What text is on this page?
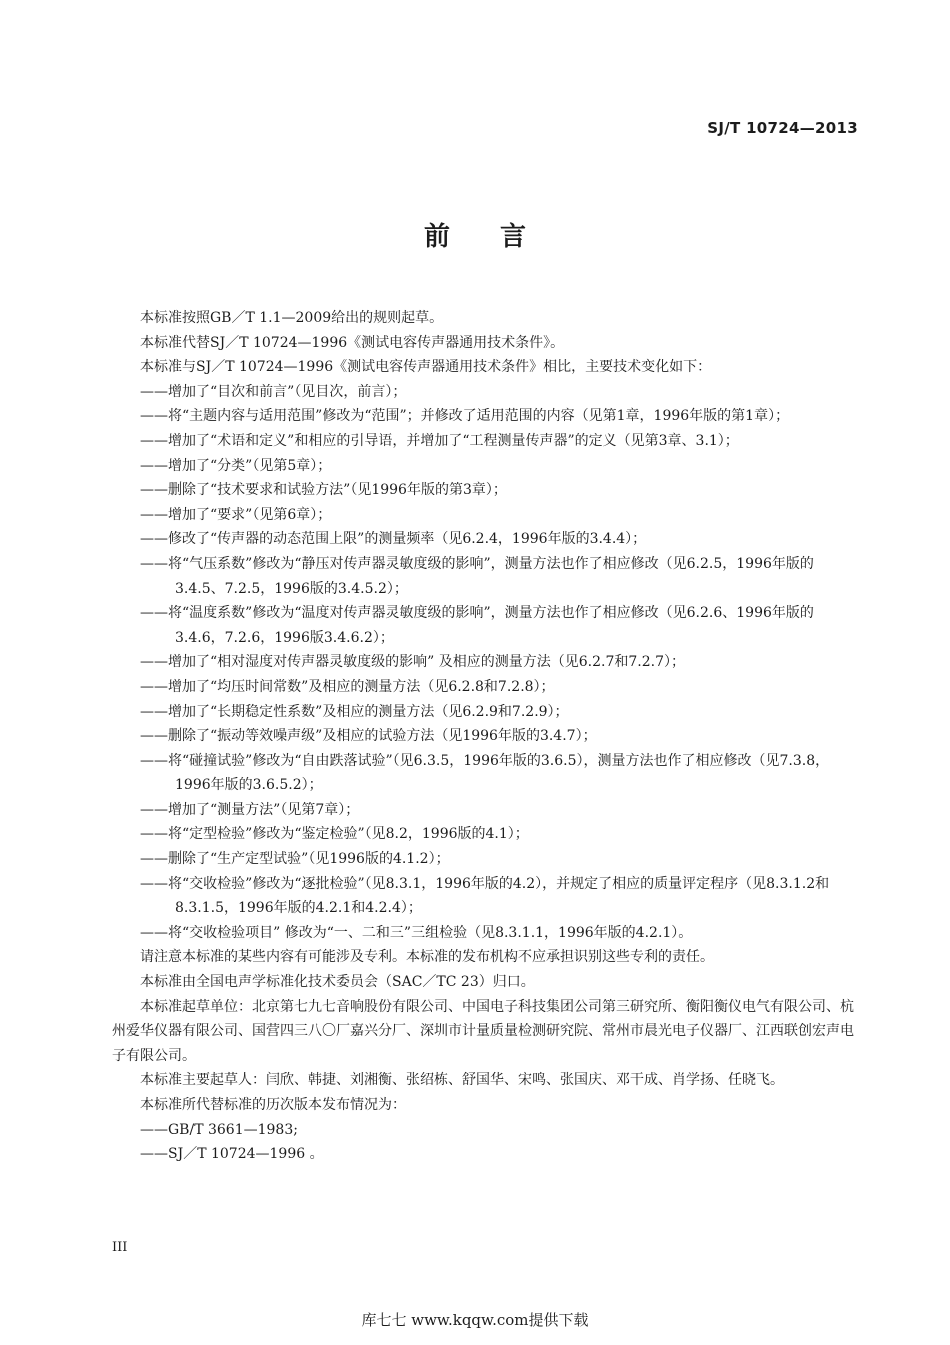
SJ/T 10724—2013
前言
本标准按照GB／T 1.1—2009给出的规则起草。
本标准代替SJ／T 10724—1996《测试电容传声器通用技术条件》。
本标准与SJ／T 10724—1996《测试电容传声器通用技术条件》相比，主要技术变化如下：
——增加了“目次和前言”（见目次，前言）；
——将“主题内容与适用范围”修改为“范围”；并修改了适用范围的内容（见第1章，1996年版的第1章）；
——增加了“术语和定义”和相应的引导语，并增加了“工程测量传声器”的定义（见第3章、3.1）；
——增加了“分类”（见第5章）；
——删除了“技术要求和试验方法”（见1996年版的第3章）；
——增加了“要求”（见第6章）；
——修改了“传声器的动态范围上限”的测量频率（见6.2.4，1996年版的3.4.4）；
——将“气压系数”修改为“静压对传声器灵敏度级的影响”，测量方法也作了相应修改（见6.2.5，1996年版的3.4.5、7.2.5，1996版的3.4.5.2）；
——将“温度系数”修改为“温度对传声器灵敏度级的影响”，测量方法也作了相应修改（见6.2.6、1996年版的3.4.6，7.2.6，1996版3.4.6.2）；
——增加了“相对湿度对传声器灵敏度级的影响” 及相应的测量方法（见6.2.7和7.2.7）；
——增加了“均压时间常数”及相应的测量方法（见6.2.8和7.2.8）；
——增加了“长期稳定性系数”及相应的测量方法（见6.2.9和7.2.9）；
——删除了“振动等效噪声级”及相应的试验方法（见1996年版的3.4.7）；
——将“碰撞试验”修改为“自由跌落试验”（见6.3.5，1996年版的3.6.5），测量方法也作了相应修改（见7.3.8，1996年版的3.6.5.2）；
——增加了“测量方法”（见第7章）；
——将“定型检验”修改为“鉴定检验”（见8.2，1996版的4.1）；
——删除了“生产定型试验”（见1996版的4.1.2）；
——将“交收检验”修改为“逐批检验”（见8.3.1，1996年版的4.2），并规定了相应的质量评定程序（见8.3.1.2和8.3.1.5，1996年版的4.2.1和4.2.4）；
——将“交收检验项目” 修改为“一、二和三”三组检验（见8.3.1.1，1996年版的4.2.1）。
请注意本标准的某些内容有可能涉及专利。本标准的发布机构不应承担识别这些专利的责任。
本标准由全国电声学标准化技术委员会（SAC／TC 23）归口。
本标准起草单位：北京第七九七音响股份有限公司、中国电子科技集团公司第三研究所、衡阳衡仪电气有限公司、杭州爱华仪器有限公司、国营四三八〇厂嘉兴分厂、深圳市计量质量检测研究院、常州市晨光电子仪器厂、江西联创宏声电子有限公司。
本标准主要起草人：闫欣、韩捷、刘湘衡、张绍栋、舒国华、宋鸣、张国庆、邓干成、肖学扬、任晓飞。
本标准所代替标准的历次版本发布情况为：
——GB/T 3661—1983;
——SJ／T 10724—1996 。
III
库七七 www.kqqw.com提供下载
